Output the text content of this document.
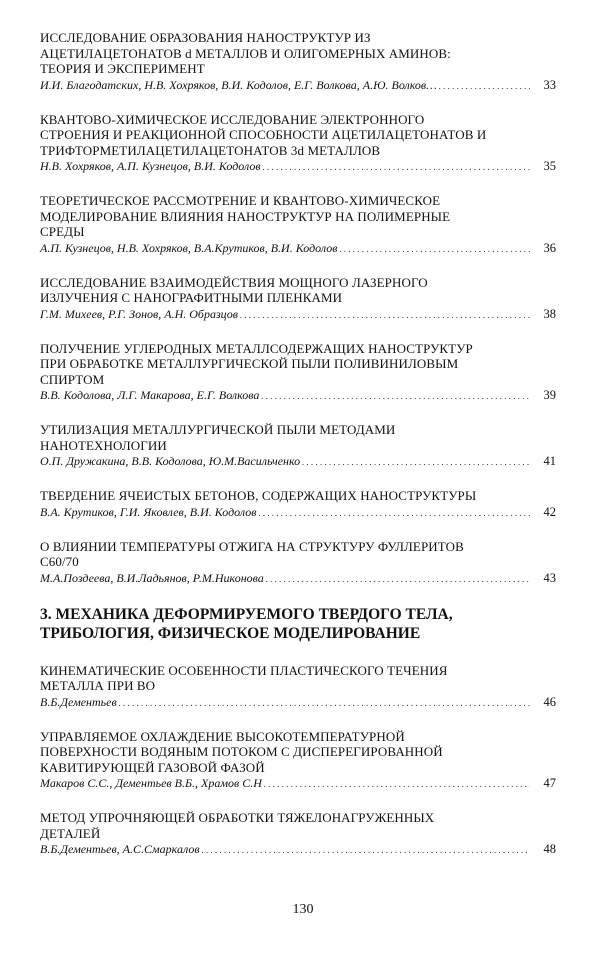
ИССЛЕДОВАНИЕ ОБРАЗОВАНИЯ НАНОСТРУКТУР ИЗ
АЦЕТИЛАЦЕТОНАТОВ d МЕТАЛЛОВ И ОЛИГОМЕРНЫХ АМИНОВ:
ТЕОРИЯ И ЭКСПЕРИМЕНТ
И.И. Благодатских, Н.В. Хохряков, В.И. Кодолов, Е.Г. Волкова, А.Ю. Волков… . . .	33
КВАНТОВО-ХИМИЧЕСКОЕ ИССЛЕДОВАНИЕ ЭЛЕКТРОННОГО
СТРОЕНИЯ И РЕАКЦИОННОЙ СПОСОБНОСТИ АЦЕТИЛАЦЕТОНАТОВ И
ТРИФТОРМЕТИЛАЦЕТИЛАЦЕТОНАТОВ 3d МЕТАЛЛОВ
Н.В. Хохряков, А.П. Кузнецов, В.И. Кодолов . . .	35
ТЕОРЕТИЧЕСКОЕ РАССМОТРЕНИЕ И КВАНТОВО-ХИМИЧЕСКОЕ
МОДЕЛИРОВАНИЕ ВЛИЯНИЯ НАНОСТРУКТУР НА ПОЛИМЕРНЫЕ
СРЕДЫ
А.П. Кузнецов, Н.В. Хохряков, В.А.Крутиков, В.И. Кодолов . . .	36
ИССЛЕДОВАНИЕ ВЗАИМОДЕЙСТВИЯ МОЩНОГО ЛАЗЕРНОГО
ИЗЛУЧЕНИЯ С НАНОГРАФИТНЫМИ ПЛЕНКАМИ
Г.М. Михеев, Р.Г. Зонов, А.Н. Образцов . . .	38
ПОЛУЧЕНИЕ УГЛЕРОДНЫХ МЕТАЛЛСОДЕРЖАЩИХ НАНОСТРУКТУР
ПРИ ОБРАБОТКЕ МЕТАЛЛУРГИЧЕСКОЙ ПЫЛИ ПОЛИВИНИЛОВЫМ
СПИРТОМ
В.В. Кодолова, Л.Г. Макарова, Е.Г. Волкова . . .	39
УТИЛИЗАЦИЯ МЕТАЛЛУРГИЧЕСКОЙ ПЫЛИ МЕТОДАМИ
НАНОТЕХНОЛОГИИ
О.П. Дружакина, В.В. Кодолова, Ю.М.Васильченко . . .	41
ТВЕРДЕНИЕ ЯЧЕИСТЫХ БЕТОНОВ, СОДЕРЖАЩИХ НАНОСТРУКТУРЫ
В.А. Крутиков, Г.И. Яковлев, В.И. Кодолов . . .	42
О ВЛИЯНИИ ТЕМПЕРАТУРЫ ОТЖИГА НА СТРУКТУРУ ФУЛЛЕРИТОВ
С60/70
М.А.Поздеева, В.И.Ладьянов, Р.М.Никонова . . .	43
3. МЕХАНИКА ДЕФОРМИРУЕМОГО ТВЕРДОГО ТЕЛА,
ТРИБОЛОГИЯ, ФИЗИЧЕСКОЕ МОДЕЛИРОВАНИЕ
КИНЕМАТИЧЕСКИЕ ОСОБЕННОСТИ ПЛАСТИЧЕСКОГО ТЕЧЕНИЯ
МЕТАЛЛА ПРИ ВО
В.Б.Дементьев . . .	46
УПРАВЛЯЕМОЕ ОХЛАЖДЕНИЕ ВЫСОКОТЕМПЕРАТУРНОЙ
ПОВЕРХНОСТИ ВОДЯНЫМ ПОТОКОМ С ДИСПЕРЕГИРОВАННОЙ
КАВИТИРУЮЩЕЙ ГАЗОВОЙ ФАЗОЙ
Макаров С.С., Дементьев В.Б., Храмов С.Н . . .	47
МЕТОД УПРОЧНЯЮЩЕЙ ОБРАБОТКИ ТЯЖЕЛОНАГРУЖЕННЫХ
ДЕТАЛЕЙ
В.Б.Дементьев, А.С.Смаркалов . . .	48
130
